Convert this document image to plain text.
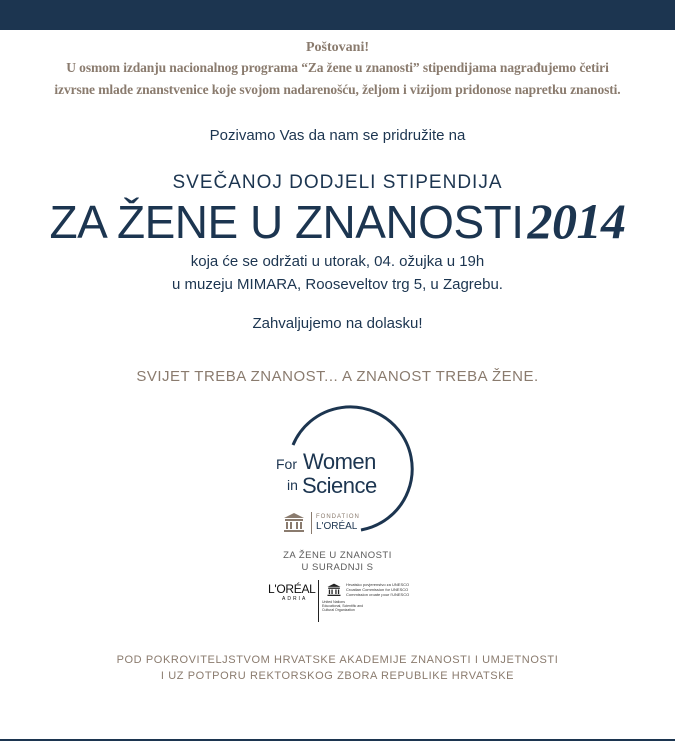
Poštovani!
U osmom izdanju nacionalnog programa “Za žene u znanosti” stipendijama nagrađujemo četiri
izvrsne mlade znanstvenice koje svojom nadarenošću, željom i vizijom pridonose napretku znanosti.
Pozivamo Vas da nam se pridružite na
SVEČANOJ DODJELI STIPENDIJA
ZA ŽENE U ZNANOSTI2014
koja će se održati u utorak, 04. ožujka u 19h
u muzeju MIMARA, Rooseveltov trg 5, u Zagrebu.
Zahvaljujemo na dolasku!
SVIJET TREBA ZNANOST... A ZNANOST TREBA ŽENE.
For Women
in Science
FONDATION
L'ORÉAL
ZA ŽENE U ZNANOSTI
U SURADNJI S
L'ORÉAL
ADRIA
Hrvatsko povjerenstvo za UNESCO
Croatian Commission for UNESCO
Commission croate pour l'UNESCO
United Nations
Educational, Scientific and
Cultural Organization
POD POKROVITELJSTVOM HRVATSKE AKADEMIJE ZNANOSTI I UMJETNOSTI
I UZ POTPORU REKTORSKOG ZBORA REPUBLIKE HRVATSKE
